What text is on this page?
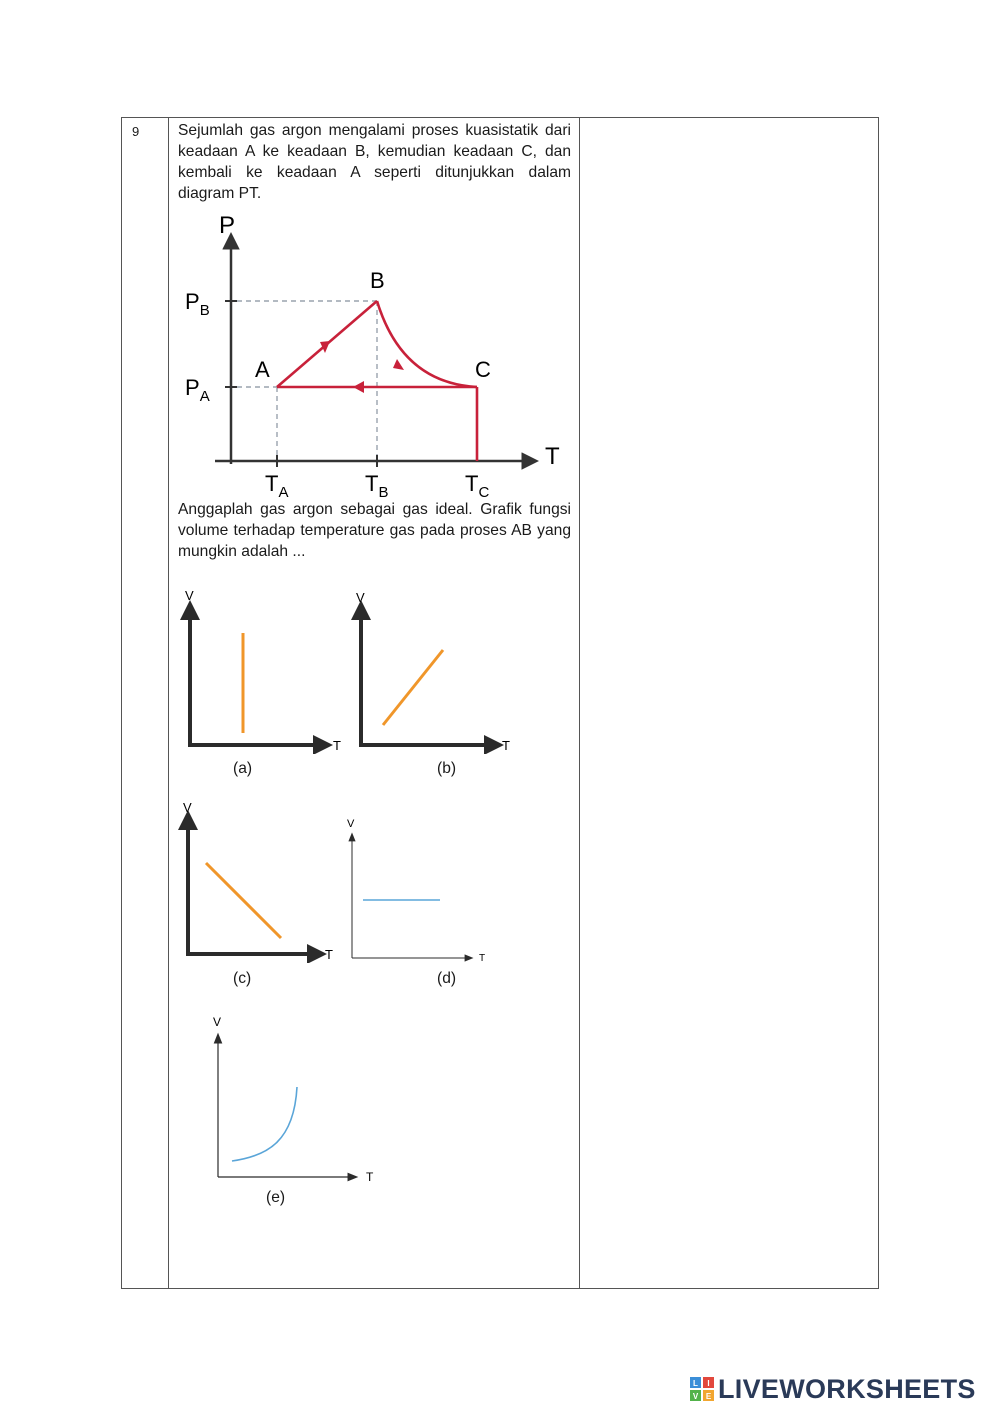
9 Sejumlah gas argon mengalami proses kuasistatik dari keadaan A ke keadaan B, kemudian keadaan C, dan kembali ke keadaan A seperti ditunjukkan dalam diagram PT.
P
T
A
B
C
$P_B$
$P_A$
$T_A$	$T_B$	$T_C$
Anggaplah gas argon sebagai gas ideal. Grafik fungsi volume terhadap temperature gas pada proses AB yang mungkin adalah ...
V
T
(a)
V
T
(b)
V
T
(c)
V
T
(d)
V
T
(e)
L I
V E LIVEWORKSHEETS
